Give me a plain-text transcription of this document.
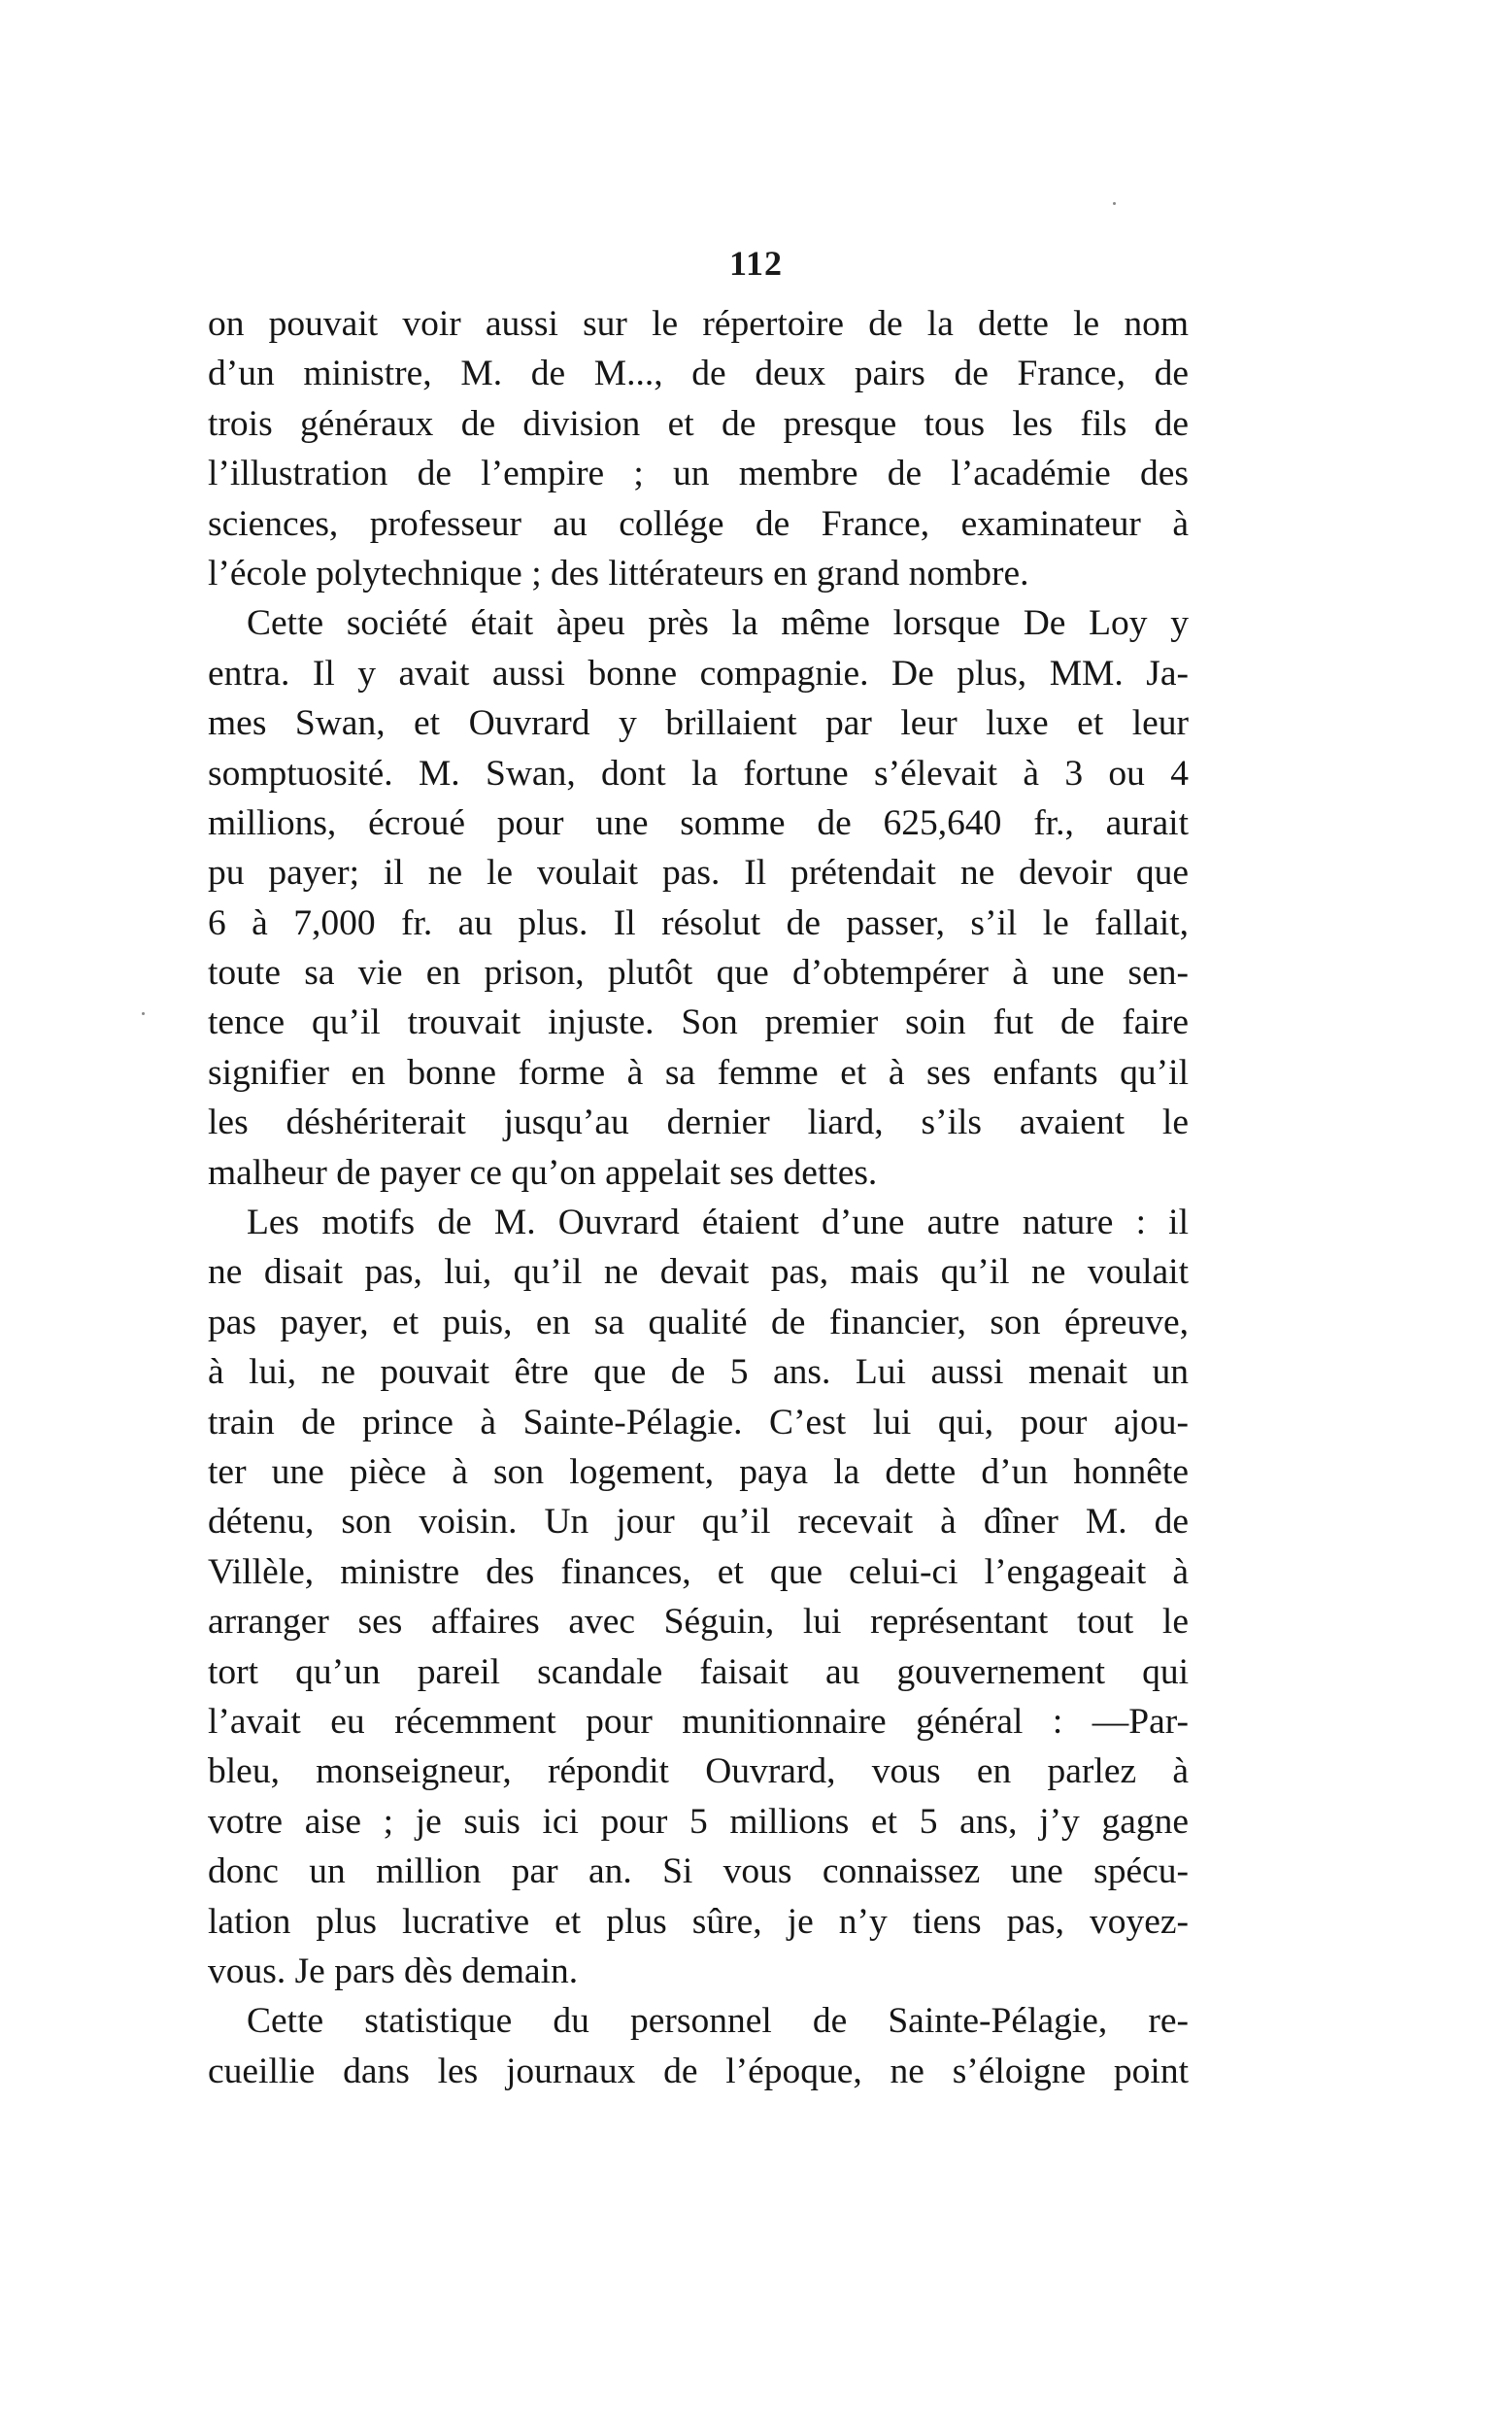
112
on pouvait voir aussi sur le répertoire de la dette le nom
d’un ministre, M. de M..., de deux pairs de France, de
trois généraux de division et de presque tous les fils de
l’illustration de l’empire ; un membre de l’académie des
sciences, professeur au collége de France, examinateur à
l’école polytechnique ; des littérateurs en grand nombre.
Cette société était àpeu près la même lorsque De Loy y
entra. Il y avait aussi bonne compagnie. De plus, MM. Ja-
mes Swan, et Ouvrard y brillaient par leur luxe et leur
somptuosité. M. Swan, dont la fortune s’élevait à 3 ou 4
millions, écroué pour une somme de 625,640 fr., aurait
pu payer; il ne le voulait pas. Il prétendait ne devoir que
6 à 7,000 fr. au plus. Il résolut de passer, s’il le fallait,
toute sa vie en prison, plutôt que d’obtempérer à une sen-
tence qu’il trouvait injuste. Son premier soin fut de faire
signifier en bonne forme à sa femme et à ses enfants qu’il
les déshériterait jusqu’au dernier liard, s’ils avaient le
malheur de payer ce qu’on appelait ses dettes.
Les motifs de M. Ouvrard étaient d’une autre nature : il
ne disait pas, lui, qu’il ne devait pas, mais qu’il ne voulait
pas payer, et puis, en sa qualité de financier, son épreuve,
à lui, ne pouvait être que de 5 ans. Lui aussi menait un
train de prince à Sainte-Pélagie. C’est lui qui, pour ajou-
ter une pièce à son logement, paya la dette d’un honnête
détenu, son voisin. Un jour qu’il recevait à dîner M. de
Villèle, ministre des finances, et que celui-ci l’engageait à
arranger ses affaires avec Séguin, lui représentant tout le
tort qu’un pareil scandale faisait au gouvernement qui
l’avait eu récemment pour munitionnaire général : —Par-
bleu, monseigneur, répondit Ouvrard, vous en parlez à
votre aise ; je suis ici pour 5 millions et 5 ans, j’y gagne
donc un million par an. Si vous connaissez une spécu-
lation plus lucrative et plus sûre, je n’y tiens pas, voyez-
vous. Je pars dès demain.
Cette statistique du personnel de Sainte-Pélagie, re-
cueillie dans les journaux de l’époque, ne s’éloigne point
